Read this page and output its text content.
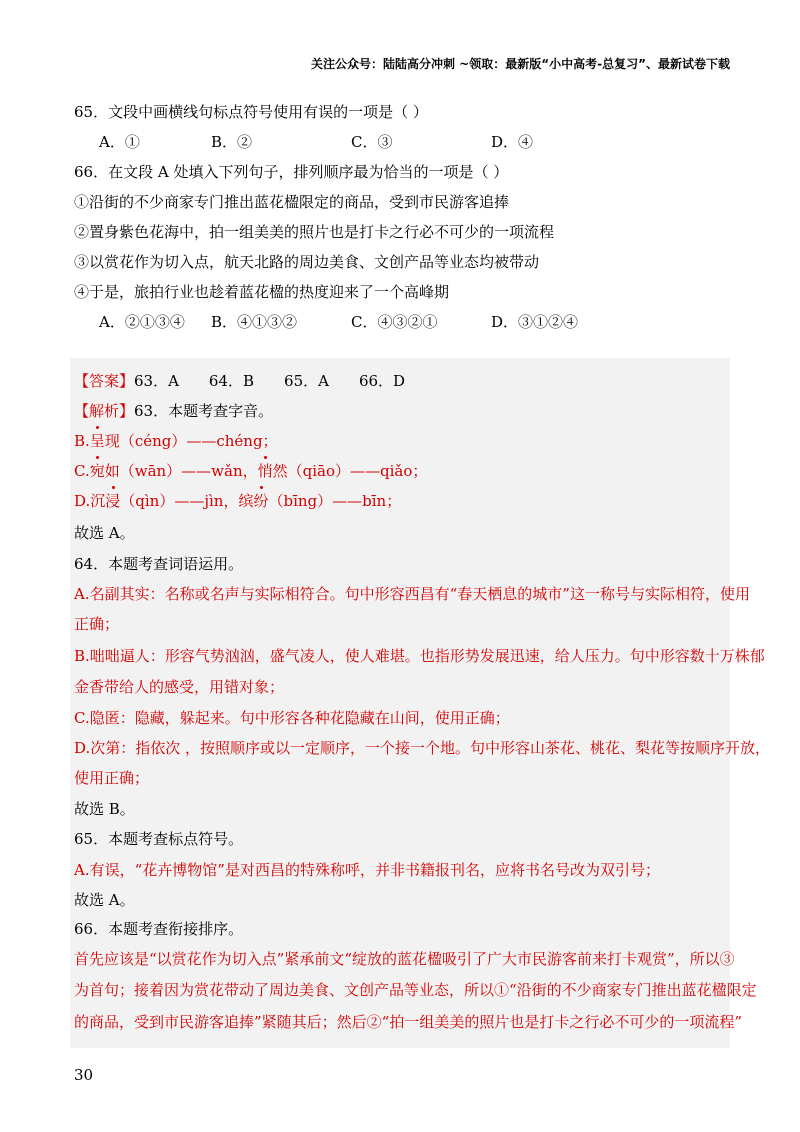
关注公众号：陆陆高分冲刺 ~领取：最新版“小中高考-总复习”、最新试卷下载
65．文段中画横线句标点符号使用有误的一项是（ ）
A．①	B．②	C．③	D．④
66．在文段 A 处填入下列句子，排列顺序最为恰当的一项是（ ）
①沿街的不少商家专门推出蓝花楹限定的商品，受到市民游客追捧
②置身紫色花海中，拍一组美美的照片也是打卡之行必不可少的一项流程
③以赏花作为切入点，航天北路的周边美食、文创产品等业态均被带动
④于是，旅拍行业也趁着蓝花楹的热度迎来了一个高峰期
A．②①③④ B．④①③②	C．④③②①	D．③①②④
【答案】63．A　　64．B　　65．A　　66．D
【解析】63．本题考查字音。
B.呈现（céng）——chéng；
C.宛如（wān）——wǎn，悄然（qiāo）——qiǎo；
D.沉浸（qìn）——jìn，缤纷（bīng）——bīn；
故选 A。
64．本题考查词语运用。
A.名副其实：名称或名声与实际相符合。句中形容西昌有“春天栖息的城市”这一称号与实际相符，使用
正确；
B.咄咄逼人：形容气势汹汹，盛气凌人，使人难堪。也指形势发展迅速，给人压力。句中形容数十万株郁
金香带给人的感受，用错对象；
C.隐匿：隐藏，躲起来。句中形容各种花隐藏在山间，使用正确；
D.次第：指依次 ，按照顺序或以一定顺序，一个接一个地。句中形容山茶花、桃花、梨花等按顺序开放，
使用正确；
故选 B。
65．本题考查标点符号。
A.有误，“花卉博物馆”是对西昌的特殊称呼，并非书籍报刊名，应将书名号改为双引号；
故选 A。
66．本题考查衔接排序。
首先应该是“以赏花作为切入点”紧承前文“绽放的蓝花楹吸引了广大市民游客前来打卡观赏”，所以③
为首句；接着因为赏花带动了周边美食、文创产品等业态，所以①“沿街的不少商家专门推出蓝花楹限定
的商品，受到市民游客追捧”紧随其后；然后②“拍一组美美的照片也是打卡之行必不可少的一项流程”
30
